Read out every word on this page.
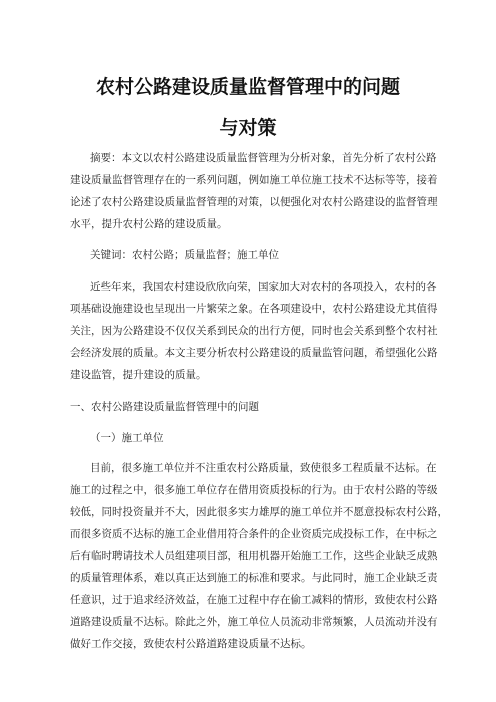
农村公路建设质量监督管理中的问题
与对策
摘要：本文以农村公路建设质量监督管理为分析对象，首先分析了农村公路
建设质量监督管理存在的一系列问题，例如施工单位施工技术不达标等等，接着
论述了农村公路建设质量监督管理的对策，以便强化对农村公路建设的监督管理
水平，提升农村公路的建设质量。
关键词：农村公路；质量监督；施工单位
近些年来，我国农村建设欣欣向荣，国家加大对农村的各项投入，农村的各
项基础设施建设也呈现出一片繁荣之象。在各项建设中，农村公路建设尤其值得
关注，因为公路建设不仅仅关系到民众的出行方便，同时也会关系到整个农村社
会经济发展的质量。本文主要分析农村公路建设的质量监管问题，希望强化公路
建设监管，提升建设的质量。
一、农村公路建设质量监督管理中的问题
（一）施工单位
目前，很多施工单位并不注重农村公路质量，致使很多工程质量不达标。在
施工的过程之中，很多施工单位存在借用资质投标的行为。由于农村公路的等级
较低，同时投资量并不大，因此很多实力雄厚的施工单位并不愿意投标农村公路，
而很多资质不达标的施工企业借用符合条件的企业资质完成投标工作，在中标之
后有临时聘请技术人员组建项目部，租用机器开始施工工作，这些企业缺乏成熟
的质量管理体系，难以真正达到施工的标准和要求。与此同时，施工企业缺乏责
任意识，过于追求经济效益，在施工过程中存在偷工减料的情形，致使农村公路
道路建设质量不达标。除此之外，施工单位人员流动非常频繁，人员流动并没有
做好工作交接，致使农村公路道路建设质量不达标。
